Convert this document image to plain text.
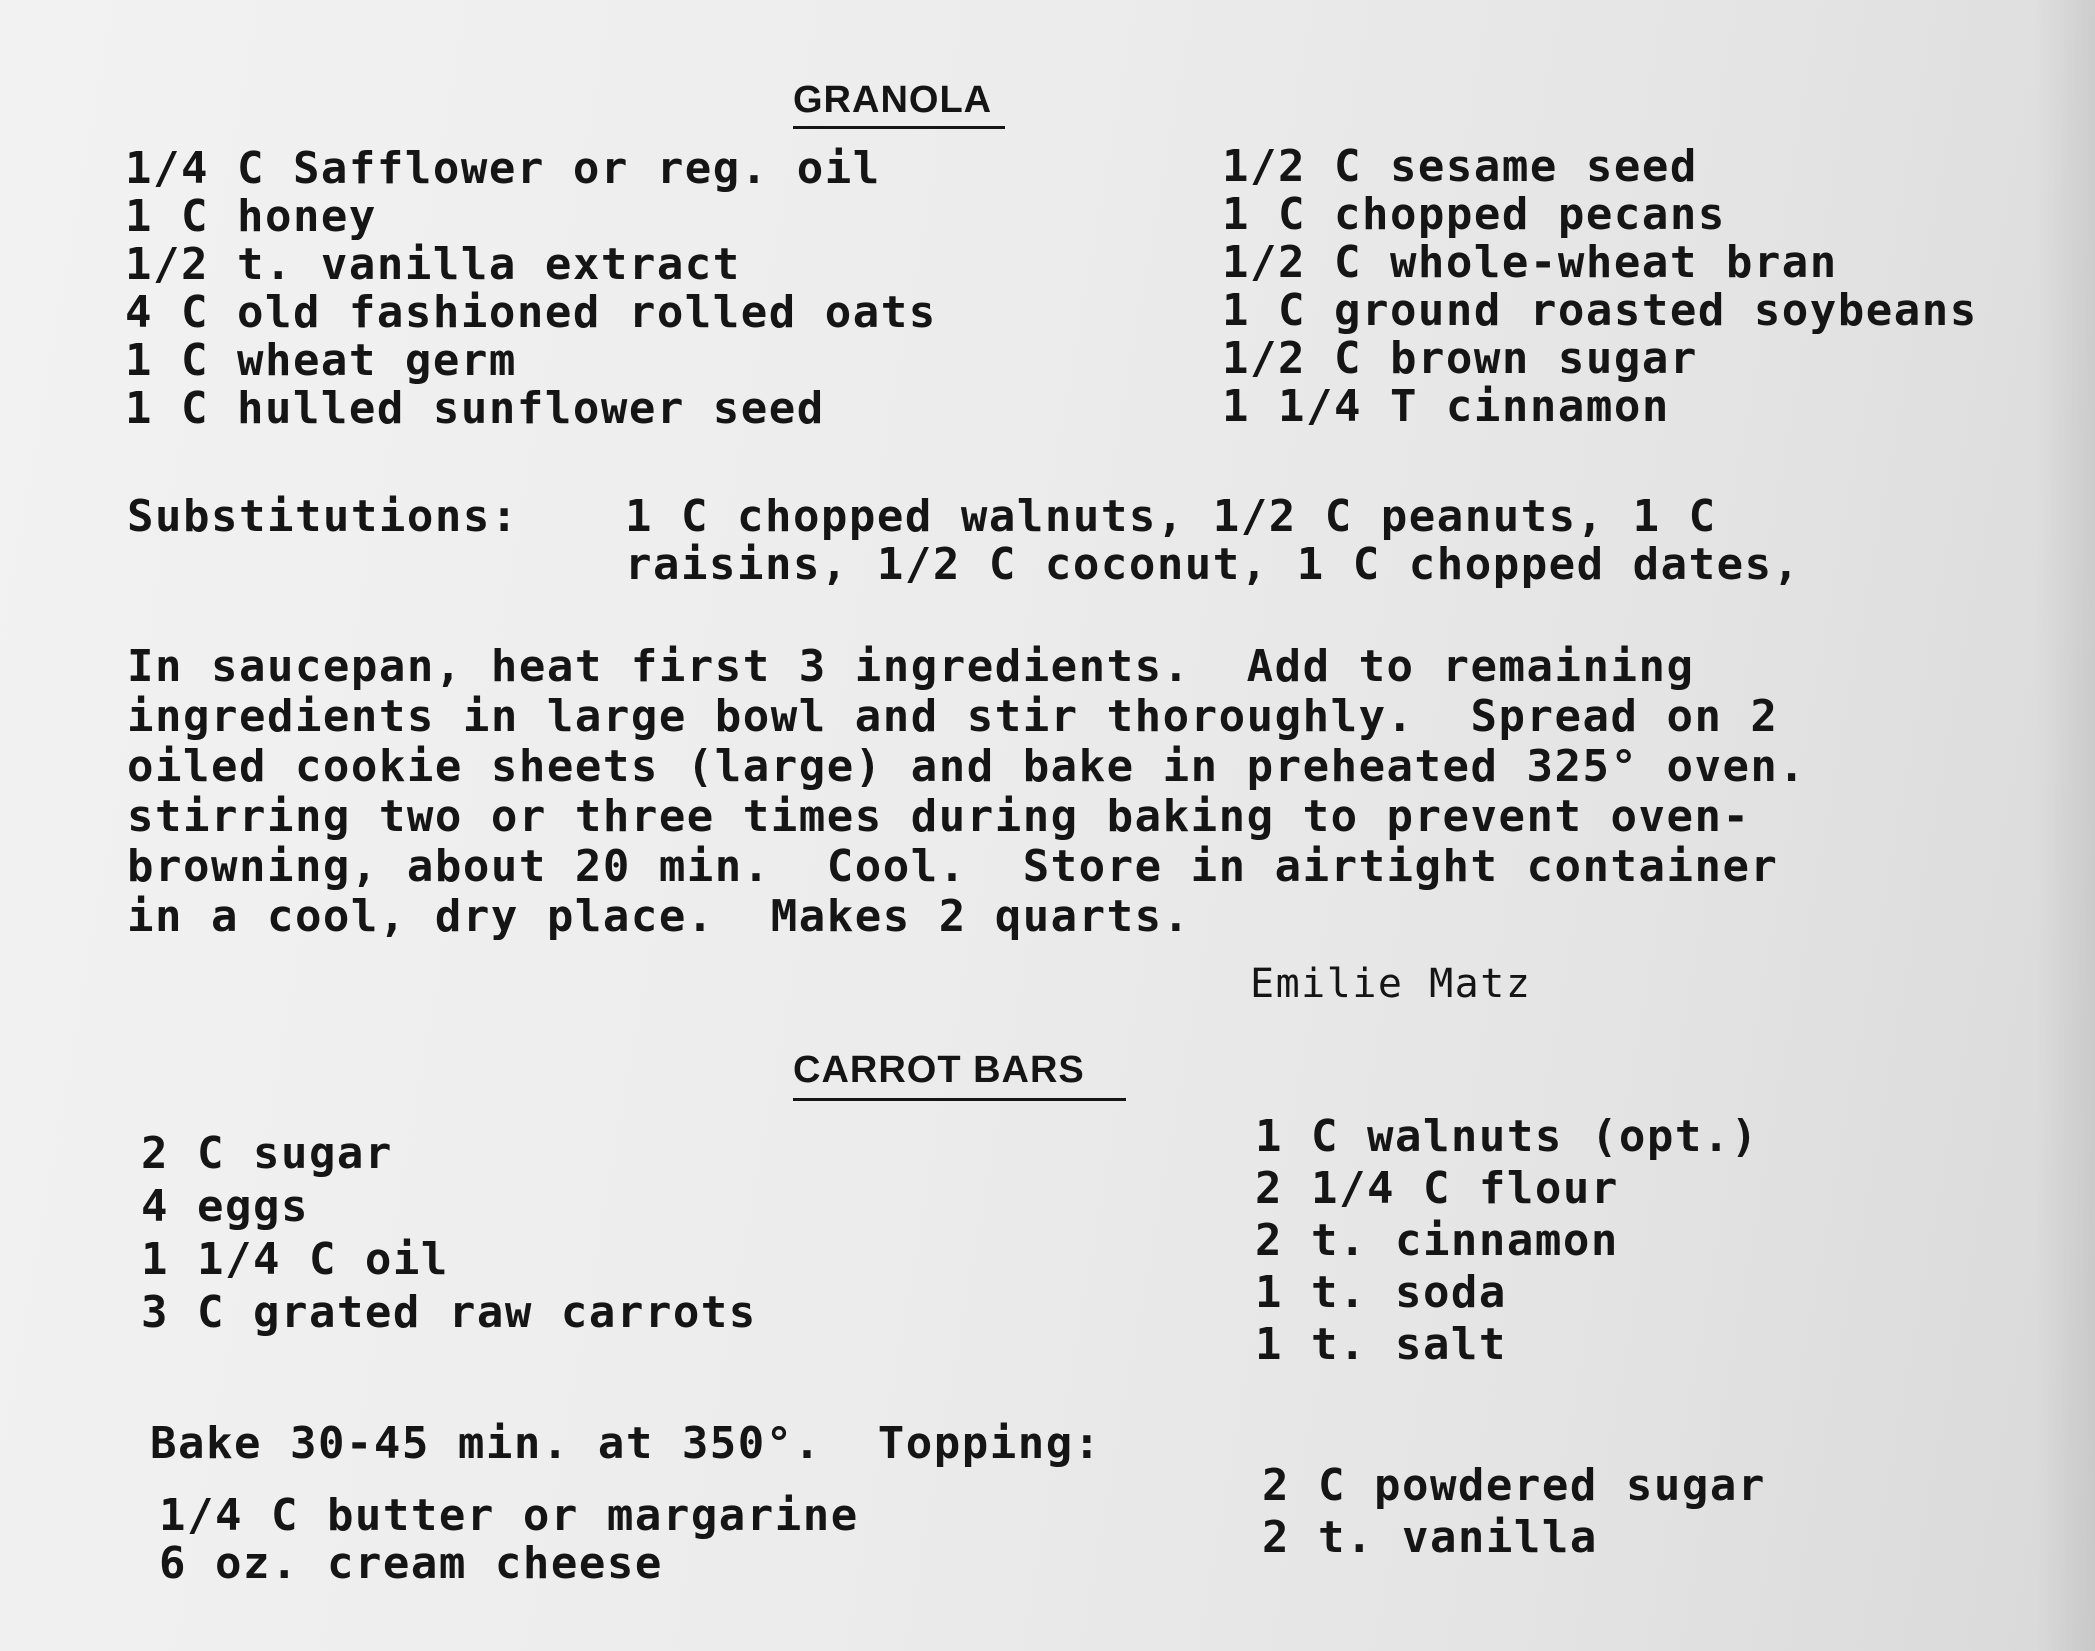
GRANOLA
1/4 C Safflower or reg. oil
1 C honey
1/2 t. vanilla extract
4 C old fashioned rolled oats
1 C wheat germ
1 C hulled sunflower seed
1/2 C sesame seed
1 C chopped pecans
1/2 C whole-wheat bran
1 C ground roasted soybeans
1/2 C brown sugar
1 1/4 T cinnamon
Substitutions: 1 C chopped walnuts, 1/2 C peanuts, 1 C
raisins, 1/2 C coconut, 1 C chopped dates,
In saucepan, heat first 3 ingredients.  Add to remaining
ingredients in large bowl and stir thoroughly.  Spread on 2
oiled cookie sheets (large) and bake in preheated 325° oven.
stirring two or three times during baking to prevent oven-
browning, about 20 min.  Cool.  Store in airtight container
in a cool, dry place.  Makes 2 quarts.
Emilie Matz
CARROT BARS
2 C sugar
4 eggs
1 1/4 C oil
3 C grated raw carrots
1 C walnuts (opt.)
2 1/4 C flour
2 t. cinnamon
1 t. soda
1 t. salt
Bake 30-45 min. at 350°.  Topping:
1/4 C butter or margarine
6 oz. cream cheese
2 C powdered sugar
2 t. vanilla
